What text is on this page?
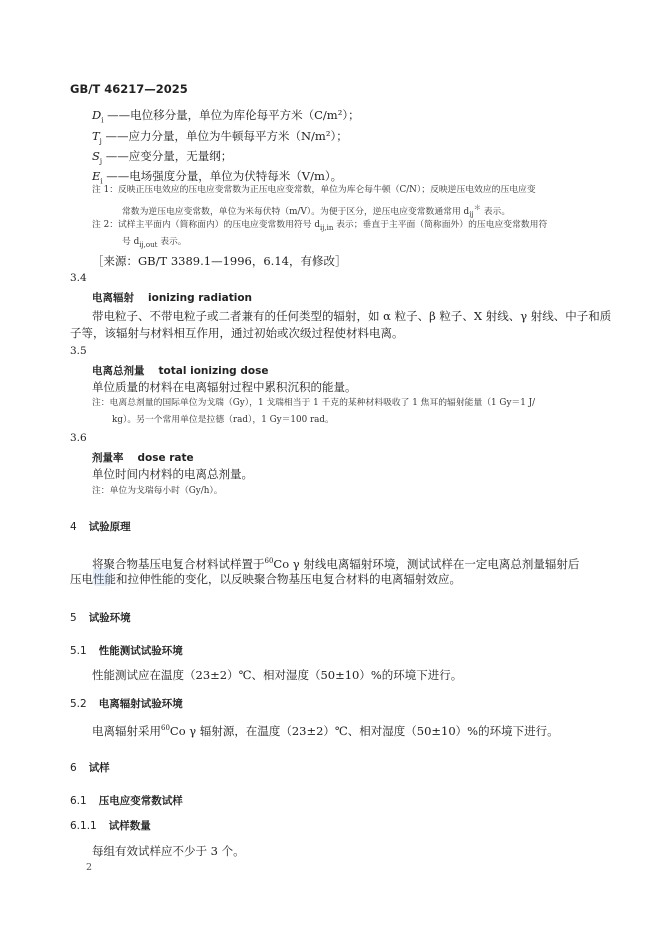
GB/T 46217—2025
$D_i$ ——电位移分量，单位为库伦每平方米（C/m²）；
$T_j$ ——应力分量，单位为牛顿每平方米（N/m²）；
$S_j$ ——应变分量，无量纲；
$E_i$ ——电场强度分量，单位为伏特每米（V/m）。
注 1：反映正压电效应的压电应变常数为正压电应变常数，单位为库仑每牛顿（C/N）；反映逆压电效应的压电应变
常数为逆压电应变常数，单位为米每伏特（m/V）。为便于区分，逆压电应变常数通常用 $d_{ij}^*$ 表示。
注 2：试样主平面内（简称面内）的压电应变常数用符号 $d_{ij,in}$ 表示；垂直于主平面（简称面外）的压电应变常数用符
号 $d_{ij,out}$ 表示。
［来源：GB/T 3389.1—1996，6.14，有修改］
3.4
电离辐射 ionizing radiation
带电粒子、不带电粒子或二者兼有的任何类型的辐射，如 α 粒子、β 粒子、X 射线、γ 射线、中子和质
子等，该辐射与材料相互作用，通过初始或次级过程使材料电离。
3.5
电离总剂量 total ionizing dose
单位质量的材料在电离辐射过程中累积沉积的能量。
注：电离总剂量的国际单位为戈瑞（Gy），1 戈瑞相当于 1 千克的某种材料吸收了 1 焦耳的辐射能量（1 Gy＝1 J/
kg）。另一个常用单位是拉德（rad），1 Gy＝100 rad。
3.6
剂量率 dose rate
单位时间内材料的电离总剂量。
注：单位为戈瑞每小时（Gy/h）。
4 试验原理
将聚合物基压电复合材料试样置于$^{60}$Co γ 射线电离辐射环境，测试试样在一定电离总剂量辐射后
压电性能和拉伸性能的变化，以反映聚合物基压电复合材料的电离辐射效应。
5 试验环境
5.1 性能测试试验环境
性能测试应在温度（23±2）℃、相对湿度（50±10）%的环境下进行。
5.2 电离辐射试验环境
电离辐射采用$^{60}$Co γ 辐射源，在温度（23±2）℃、相对湿度（50±10）%的环境下进行。
6 试样
6.1 压电应变常数试样
6.1.1 试样数量
每组有效试样应不少于 3 个。
2
